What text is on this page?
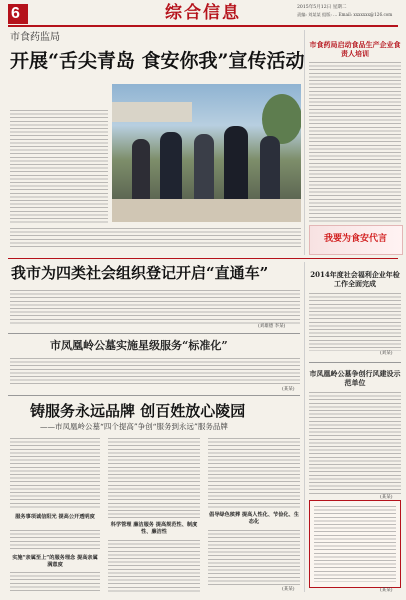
6	综合信息	2015年5月12日 星期二
责编: 刘某某 组版: ... Email: xxxxxxx@126.com
市食药监局
开展“舌尖青岛 食安你我”宣传活动
市食药局启动食品生产企业食责人培训
我要为食安代言
我市为四类社会组织登记开启“直通车”
(刘雄德 李某)
2014年度社会福利企业年检工作全面完成
(刘某)
市凤凰岭公墓实施星级服务“标准化”
(某某)
市凤凰岭公墓争创行风建设示范单位
(某某)
铸服务永远品牌 创百姓放心陵园
——市凤凰岭公墓“四个提高”争创“服务到永远”服务品牌
服务事项诚信阳光 提高公开透明度
实施“亲属至上”的服务理念 提高亲属满意度
科学管理 廉洁服务 提高规范性、制度性、廉洁性
倡导绿色殡葬 提高人性化、节俭化、生态化
(某某)	(某某)
